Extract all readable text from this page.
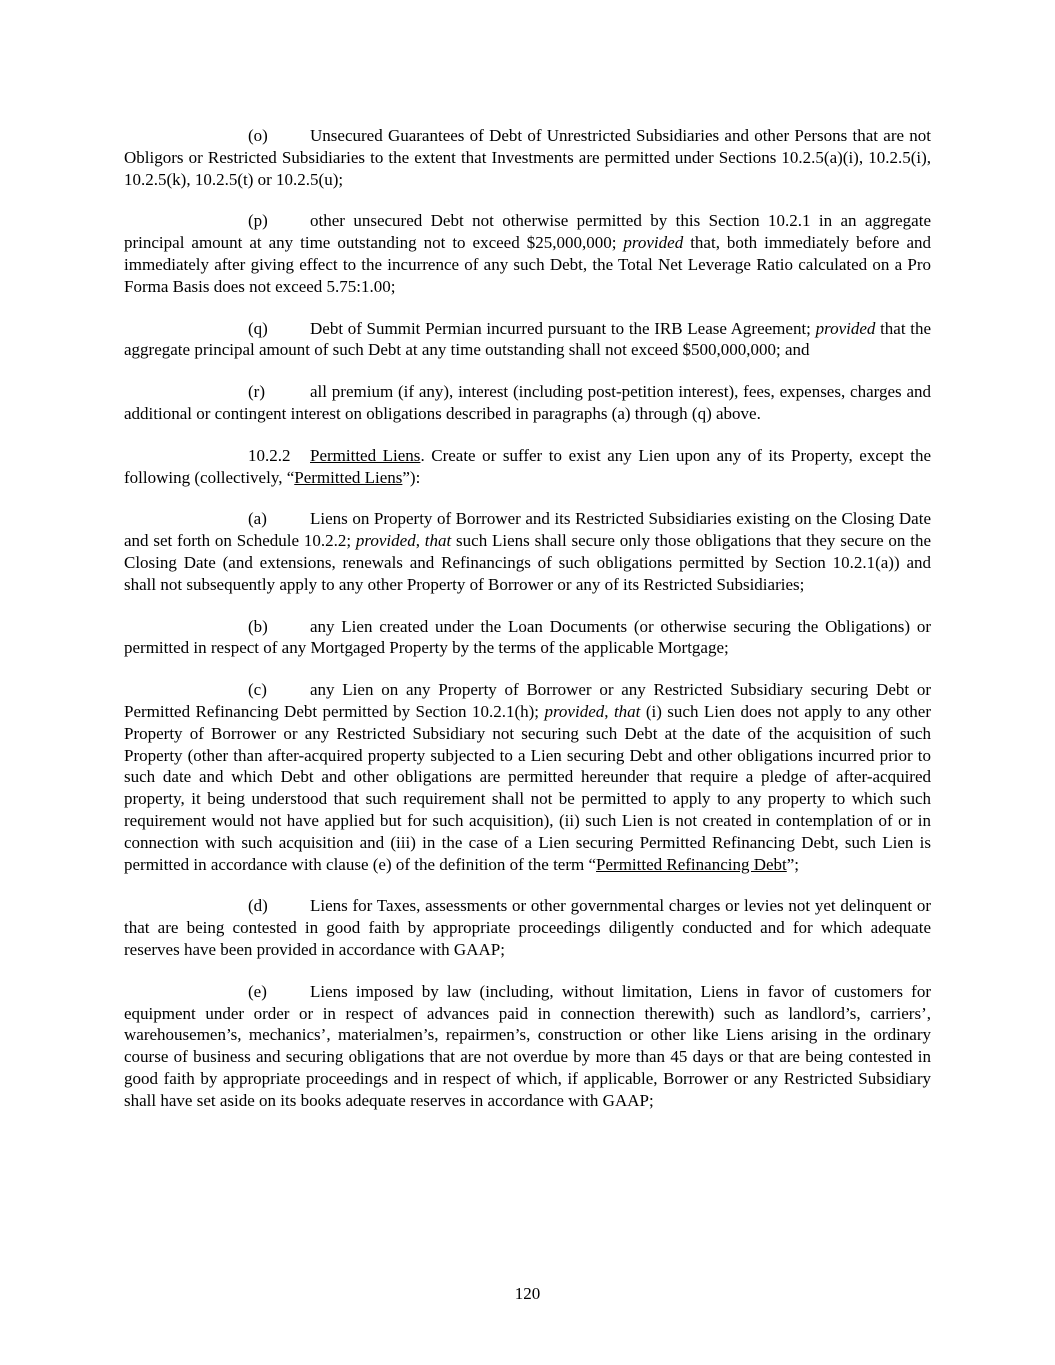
(o) Unsecured Guarantees of Debt of Unrestricted Subsidiaries and other Persons that are not Obligors or Restricted Subsidiaries to the extent that Investments are permitted under Sections 10.2.5(a)(i), 10.2.5(i), 10.2.5(k), 10.2.5(t) or 10.2.5(u);

(p) other unsecured Debt not otherwise permitted by this Section 10.2.1 in an aggregate principal amount at any time outstanding not to exceed $25,000,000; provided that, both immediately before and immediately after giving effect to the incurrence of any such Debt, the Total Net Leverage Ratio calculated on a Pro Forma Basis does not exceed 5.75:1.00;

(q) Debt of Summit Permian incurred pursuant to the IRB Lease Agreement; provided that the aggregate principal amount of such Debt at any time outstanding shall not exceed $500,000,000; and

(r)	all premium (if any), interest (including post-petition interest), fees, expenses, charges and additional or contingent interest on obligations described in paragraphs (a) through (q) above.

10.2.2 Permitted Liens. Create or suffer to exist any Lien upon any of its Property, except the following (collectively, “Permitted Liens”):

(a)	Liens on Property of Borrower and its Restricted Subsidiaries existing on the Closing Date and set forth on Schedule 10.2.2; provided, that such Liens shall secure only those obligations that they secure on the Closing Date (and extensions, renewals and Refinancings of such obligations permitted by Section 10.2.1(a)) and shall not subsequently apply to any other Property of Borrower or any of its Restricted Subsidiaries;

(b) any Lien created under the Loan Documents (or otherwise securing the Obligations) or permitted in respect of any Mortgaged Property by the terms of the applicable Mortgage;

(c)	any Lien on any Property of Borrower or any Restricted Subsidiary securing Debt or Permitted Refinancing Debt permitted by Section 10.2.1(h); provided, that (i) such Lien does not apply to any other Property of Borrower or any Restricted Subsidiary not securing such Debt at the date of the acquisition of such Property (other than after-acquired property subjected to a Lien securing Debt and other obligations incurred prior to such date and which Debt and other obligations are permitted hereunder that require a pledge of after-acquired property, it being understood that such requirement shall not be permitted to apply to any property to which such requirement would not have applied but for such acquisition), (ii) such Lien is not created in contemplation of or in connection with such acquisition and (iii) in the case of a Lien securing Permitted Refinancing Debt, such Lien is permitted in accordance with clause (e) of the definition of the term “Permitted Refinancing Debt”;

(d) Liens for Taxes, assessments or other governmental charges or levies not yet delinquent or that are being contested in good faith by appropriate proceedings diligently conducted and for which adequate reserves have been provided in accordance with GAAP;

(e)	Liens imposed by law (including, without limitation, Liens in favor of customers for equipment under order or in respect of advances paid in connection therewith) such as landlord’s, carriers’, warehousemen’s, mechanics’, materialmen’s, repairmen’s, construction or other like Liens arising in the ordinary course of business and securing obligations that are not overdue by more than 45 days or that are being contested in good faith by appropriate proceedings and in respect of which, if applicable, Borrower or any Restricted Subsidiary shall have set aside on its books adequate reserves in accordance with GAAP;

120
